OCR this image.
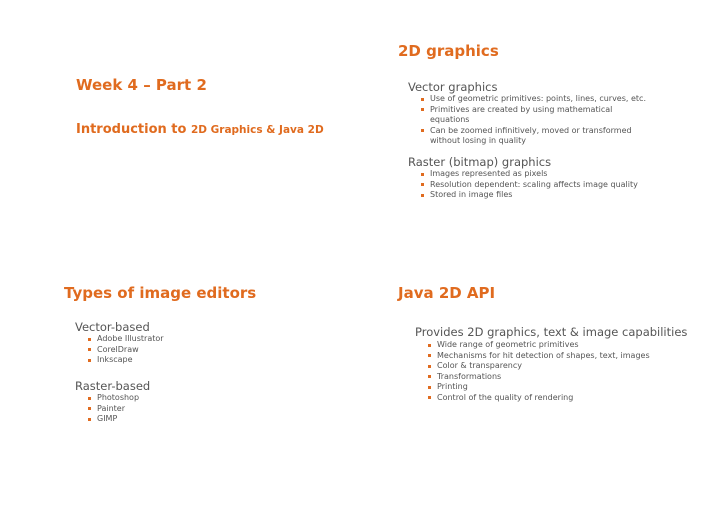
Week 4 – Part 2
Introduction to 2D Graphics & Java 2D
2D graphics
Vector graphics
Use of geometric primitives: points, lines, curves, etc.
Primitives are created by using mathematical equations
Can be zoomed infinitively, moved or transformed without losing in quality
Raster (bitmap) graphics
Images represented as pixels
Resolution dependent: scaling affects image quality
Stored in image files
Types of image editors
Vector-based
Adobe Illustrator
CorelDraw
Inkscape
Raster-based
Photoshop
Painter
GIMP
Java 2D API
Provides 2D graphics, text & image capabilities
Wide range of geometric primitives
Mechanisms for hit detection of shapes, text, images
Color & transparency
Transformations
Printing
Control of the quality of rendering
